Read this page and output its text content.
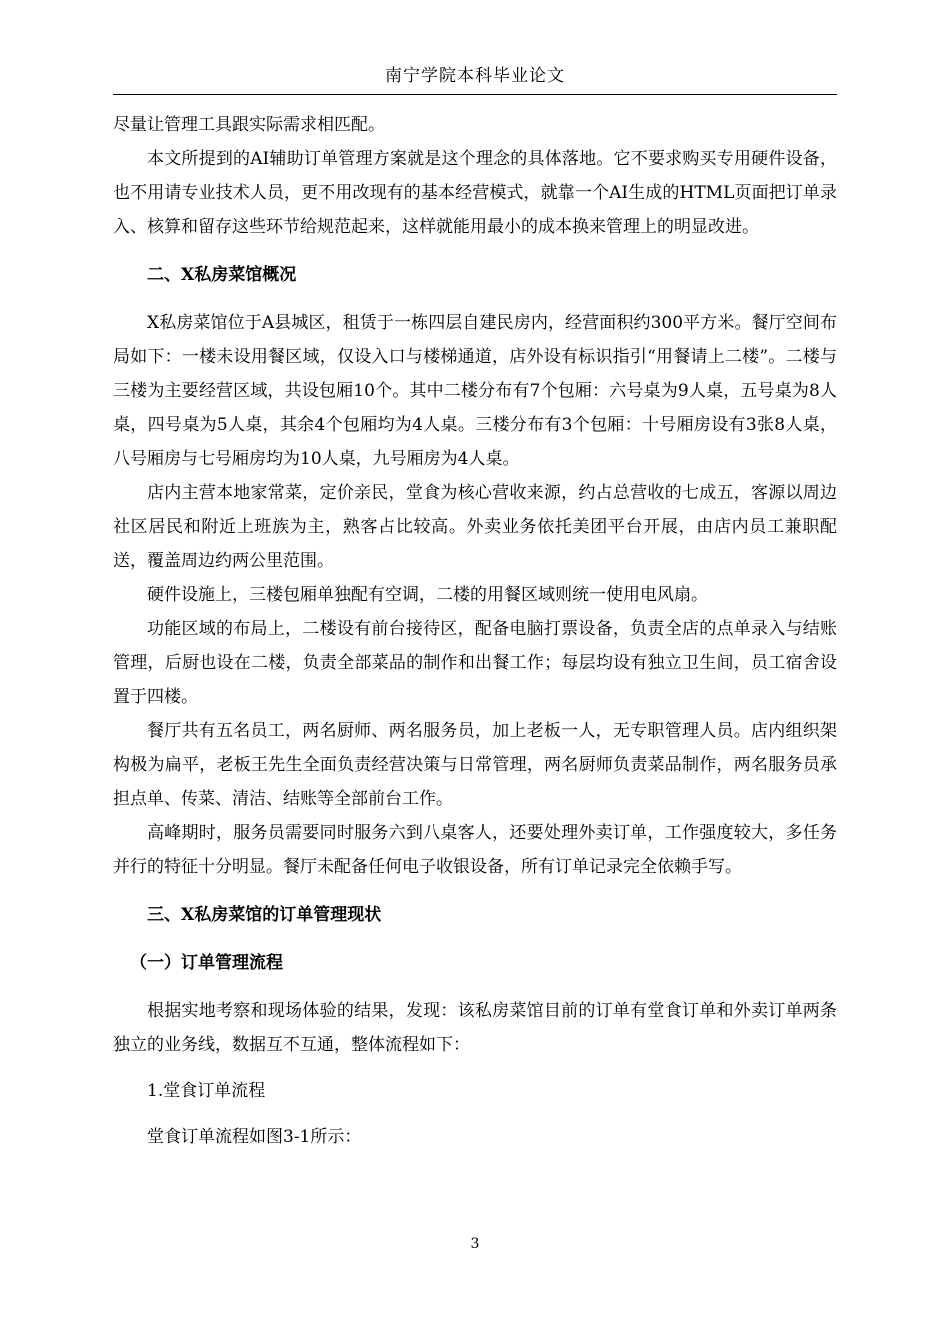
南宁学院本科毕业论文

尽量让管理工具跟实际需求相匹配。

本文所提到的AI辅助订单管理方案就是这个理念的具体落地。它不要求购买专用硬件设备，也不用请专业技术人员，更不用改现有的基本经营模式，就靠一个AI生成的HTML页面把订单录入、核算和留存这些环节给规范起来，这样就能用最小的成本换来管理上的明显改进。

二、X私房菜馆概况

X私房菜馆位于A县城区，租赁于一栋四层自建民房内，经营面积约300平方米。餐厅空间布局如下：一楼未设用餐区域，仅设入口与楼梯通道，店外设有标识指引“用餐请上二楼”。二楼与三楼为主要经营区域，共设包厢10个。其中二楼分布有7个包厢：六号桌为9人桌，五号桌为8人桌，四号桌为5人桌，其余4个包厢均为4人桌。三楼分布有3个包厢：十号厢房设有3张8人桌，八号厢房与七号厢房均为10人桌，九号厢房为4人桌。

店内主营本地家常菜，定价亲民，堂食为核心营收来源，约占总营收的七成五，客源以周边社区居民和附近上班族为主，熟客占比较高。外卖业务依托美团平台开展，由店内员工兼职配送，覆盖周边约两公里范围。

硬件设施上，三楼包厢单独配有空调，二楼的用餐区域则统一使用电风扇。

功能区域的布局上，二楼设有前台接待区，配备电脑打票设备，负责全店的点单录入与结账管理，后厨也设在二楼，负责全部菜品的制作和出餐工作；每层均设有独立卫生间，员工宿舍设置于四楼。

餐厅共有五名员工，两名厨师、两名服务员，加上老板一人，无专职管理人员。店内组织架构极为扁平，老板王先生全面负责经营决策与日常管理，两名厨师负责菜品制作，两名服务员承担点单、传菜、清洁、结账等全部前台工作。

高峰期时，服务员需要同时服务六到八桌客人，还要处理外卖订单，工作强度较大，多任务并行的特征十分明显。餐厅未配备任何电子收银设备，所有订单记录完全依赖手写。

三、X私房菜馆的订单管理现状

（一）订单管理流程

根据实地考察和现场体验的结果，发现：该私房菜馆目前的订单有堂食订单和外卖订单两条独立的业务线，数据互不互通，整体流程如下：

1.堂食订单流程

堂食订单流程如图3-1所示：

3
